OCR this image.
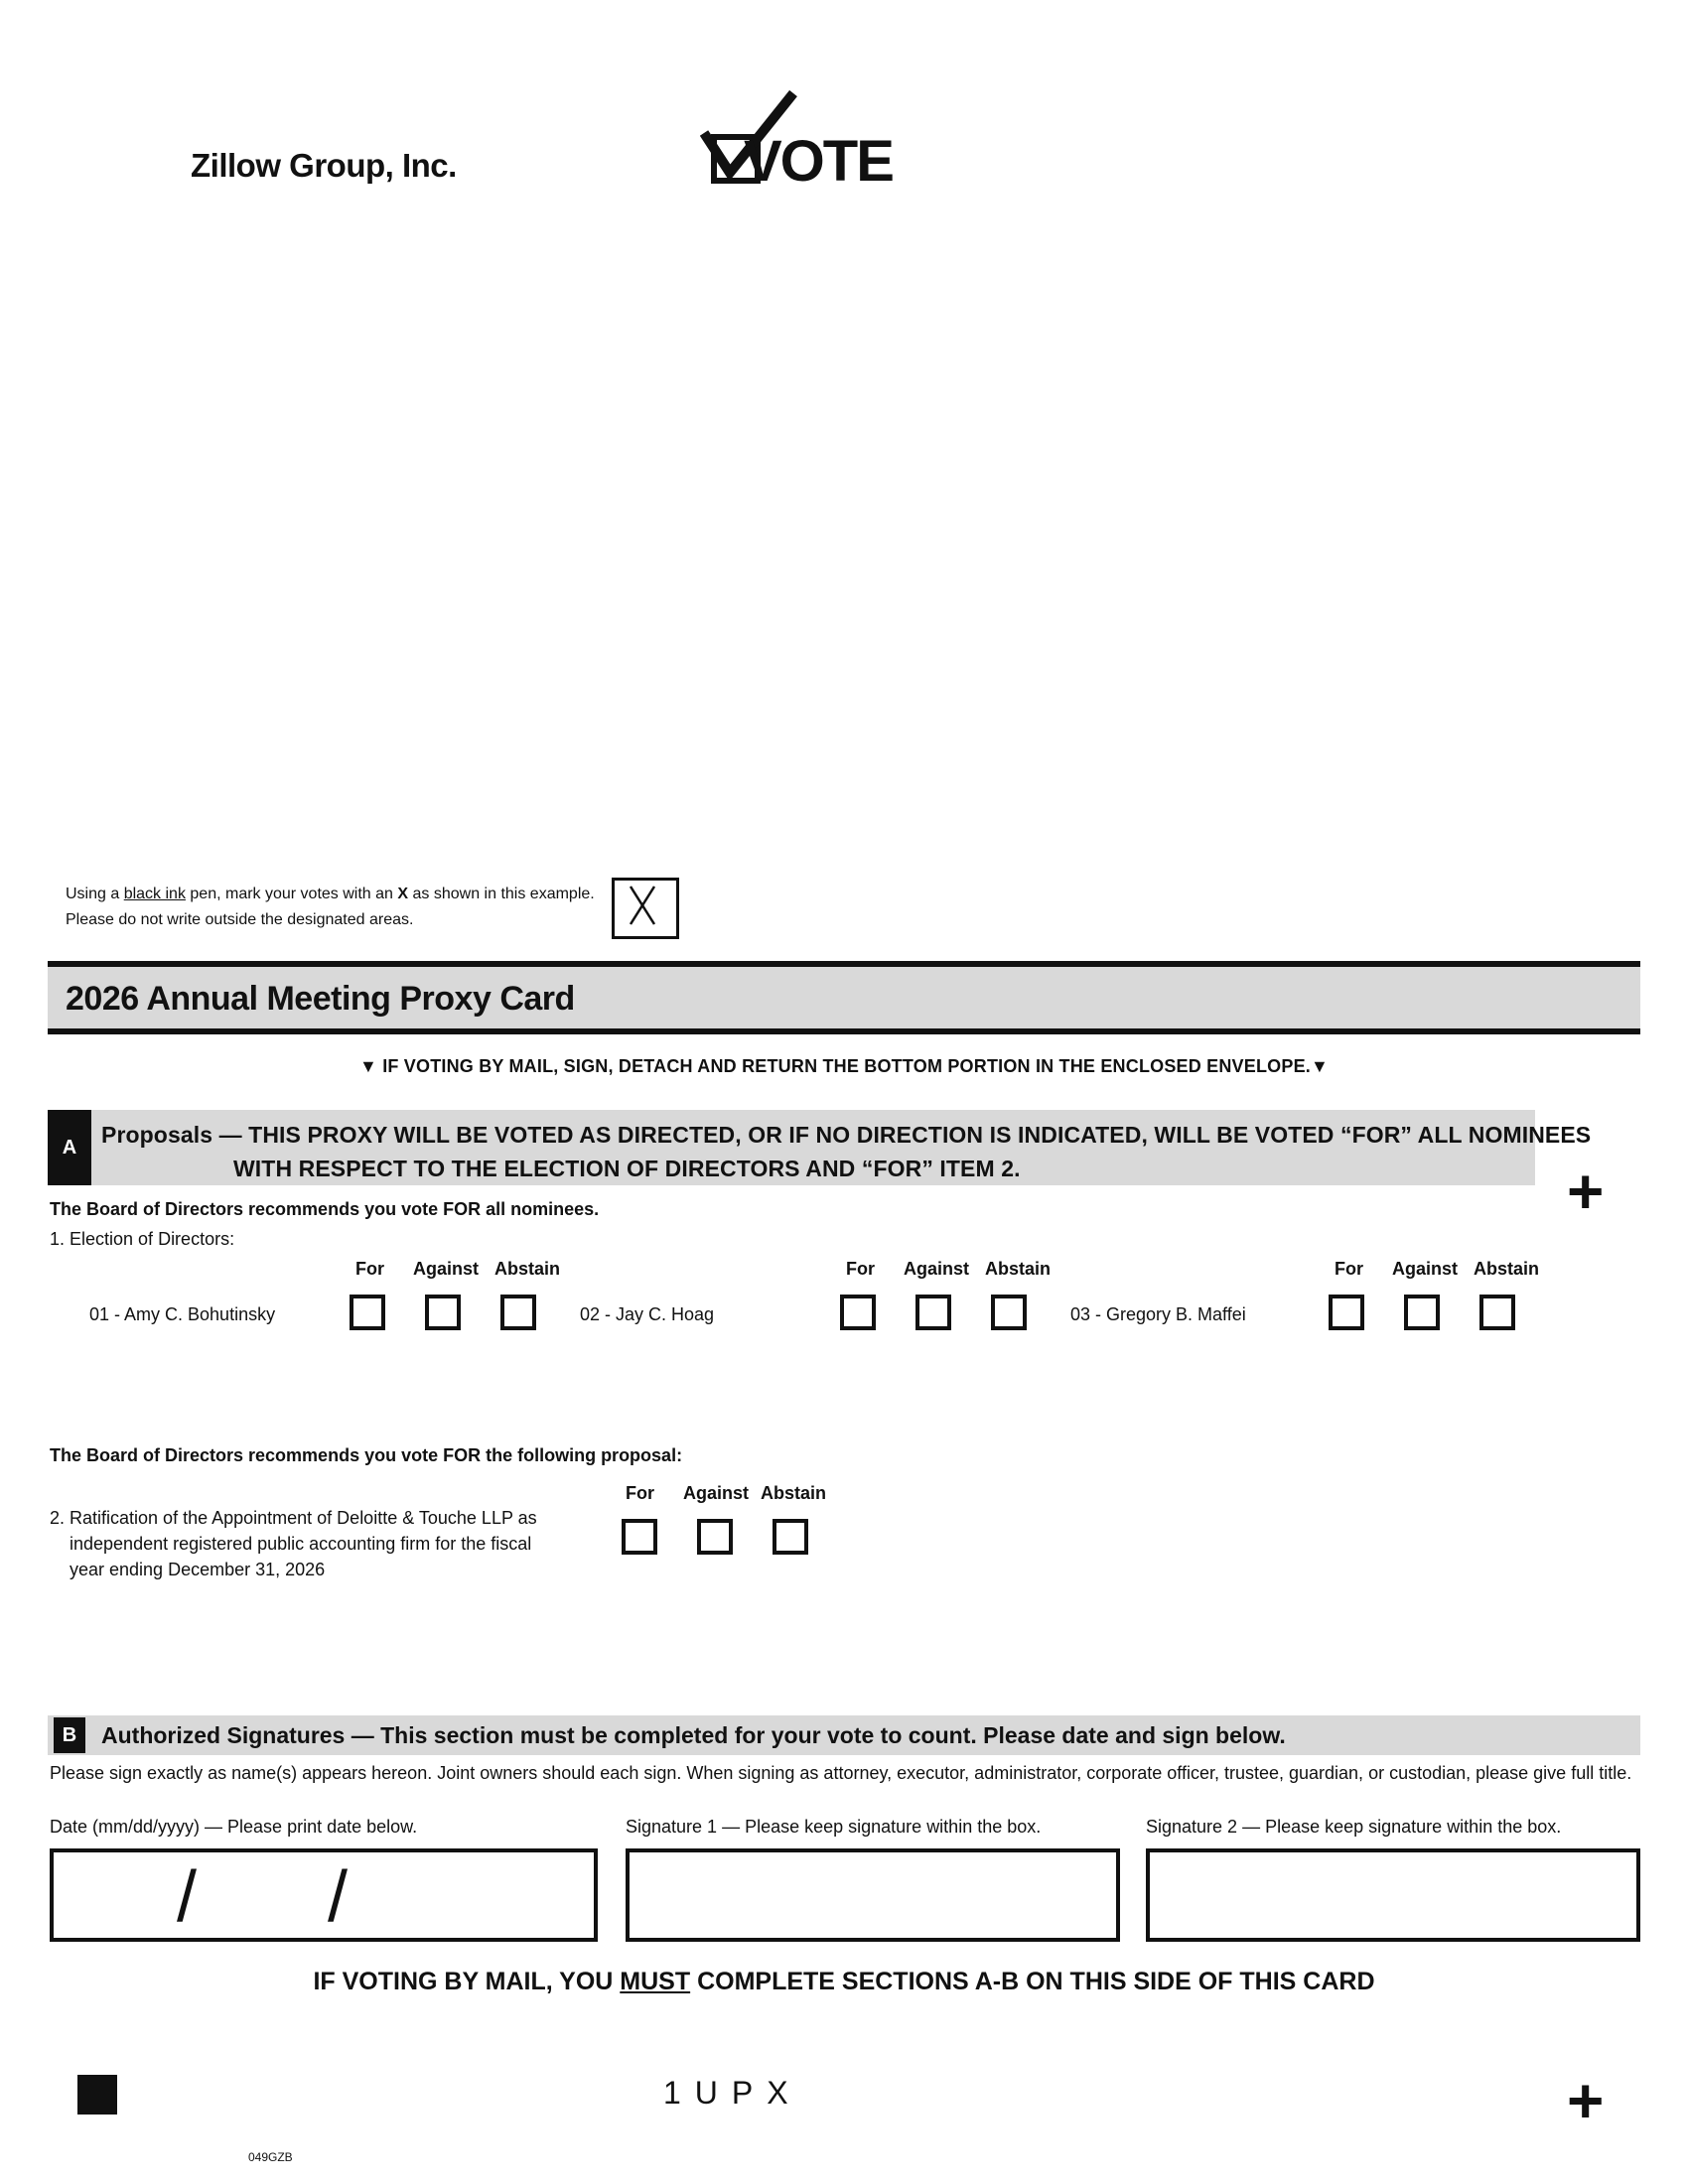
Zillow Group, Inc.	VOTE
Using a black ink pen, mark your votes with an X as shown in this example.
Please do not write outside the designated areas.
2026 Annual Meeting Proxy Card
▼ IF VOTING BY MAIL, SIGN, DETACH AND RETURN THE BOTTOM PORTION IN THE ENCLOSED ENVELOPE.▼
A	Proposals — THIS PROXY WILL BE VOTED AS DIRECTED, OR IF NO DIRECTION IS INDICATED, WILL BE VOTED “FOR” ALL NOMINEES
WITH RESPECT TO THE ELECTION OF DIRECTORS AND “FOR” ITEM 2.	+
The Board of Directors recommends you vote FOR all nominees.
1. Election of Directors:
For Against Abstain
01 - Amy C. Bohutinsky
For Against Abstain
02 - Jay C. Hoag
For Against Abstain
03 - Gregory B. Maffei
The Board of Directors recommends you vote FOR the following proposal:
For Against Abstain
2. Ratification of the Appointment of Deloitte & Touche LLP as
independent registered public accounting firm for the fiscal
year ending December 31, 2026
B	Authorized Signatures — This section must be completed for your vote to count. Please date and sign below.
Please sign exactly as name(s) appears hereon. Joint owners should each sign. When signing as attorney, executor, administrator, corporate officer, trustee, guardian, or custodian, please give full title.
Date (mm/dd/yyyy) — Please print date below.	Signature 1 — Please keep signature within the box.	Signature 2 — Please keep signature within the box.
/ /
IF VOTING BY MAIL, YOU MUST COMPLETE SECTIONS A-B ON THIS SIDE OF THIS CARD
1UPX	+
049GZB
